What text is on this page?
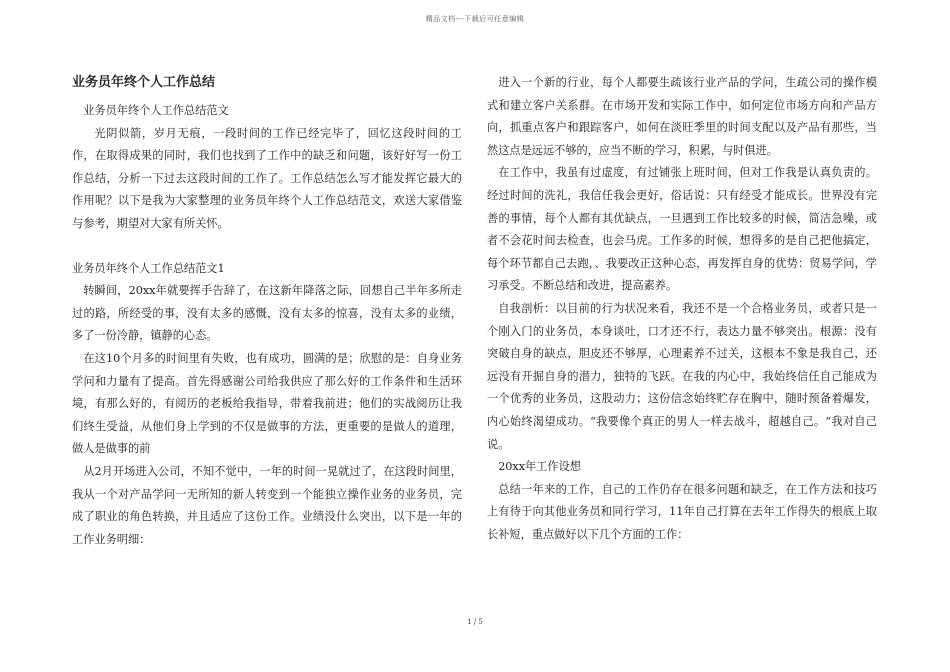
精品文档---下载后可任意编辑
业务员年终个人工作总结

业务员年终个人工作总结范文

光阴似箭，岁月无痕，一段时间的工作已经完毕了，回忆这段时间的工作，在取得成果的同时，我们也找到了工作中的缺乏和问题，该好好写一份工作总结，分析一下过去这段时间的工作了。工作总结怎么写才能发挥它最大的作用呢？以下是我为大家整理的业务员年终个人工作总结范文，欢送大家借鉴与参考，期望对大家有所关怀。

业务员年终个人工作总结范文1

转瞬间，20xx年就要挥手告辞了，在这新年降落之际，回想自己半年多所走过的路，所经受的事，没有太多的感慨，没有太多的惊喜，没有太多的业绩，多了一份冷静，镇静的心态。

在这10个月多的时间里有失败，也有成功，圆满的是；欣慰的是：自身业务学问和力量有了提高。首先得感谢公司给我供应了那么好的工作条件和生活环境，有那么好的，有阅历的老板给我指导，带着我前进；他们的实战阅历让我们终生受益，从他们身上学到的不仅是做事的方法，更重要的是做人的道理，做人是做事的前

从2月开场进入公司，不知不觉中，一年的时间一晃就过了，在这段时间里，我从一个对产品学问一无所知的新人转变到一个能独立操作业务的业务员，完成了职业的角色转换，并且适应了这份工作。业绩没什么突出，以下是一年的工作业务明细：

进入一个新的行业，每个人都要生疏该行业产品的学问，生疏公司的操作模式和建立客户关系群。在市场开发和实际工作中，如何定位市场方向和产品方向，抓重点客户和跟踪客户，如何在淡旺季里的时间支配以及产品有那些，当然这点是远远不够的，应当不断的学习，积累，与时俱进。

在工作中，我虽有过虚度，有过铺张上班时间，但对工作我是认真负责的。经过时间的洗礼，我信任我会更好，俗话说：只有经受才能成长。世界没有完善的事情，每个人都有其优缺点，一旦遇到工作比较多的时候，简洁急噪，或者不会花时间去检查，也会马虎。工作多的时候，想得多的是自己把他搞定，每个环节都自己去跑，、我要改正这种心态，再发挥自身的优势：贸易学问，学习承受。不断总结和改进，提高素养。

自我剖析：以目前的行为状况来看，我还不是一个合格业务员，或者只是一个刚入门的业务员，本身谈吐，口才还不行，表达力量不够突出。根源：没有突破自身的缺点，胆皮还不够厚，心理素养不过关，这根本不象是我自己，还远没有开掘自身的潜力，独特的飞跃。在我的内心中，我始终信任自己能成为一个优秀的业务员，这股动力；这份信念始终贮存在胸中，随时预备着爆发，内心始终渴望成功。“我要像个真正的男人一样去战斗，超越自己。“我对自己说。

20xx年工作设想

总结一年来的工作，自己的工作仍存在很多问题和缺乏，在工作方法和技巧上有待于向其他业务员和同行学习，11年自己打算在去年工作得失的根底上取长补短，重点做好以下几个方面的工作：

1 / 5
